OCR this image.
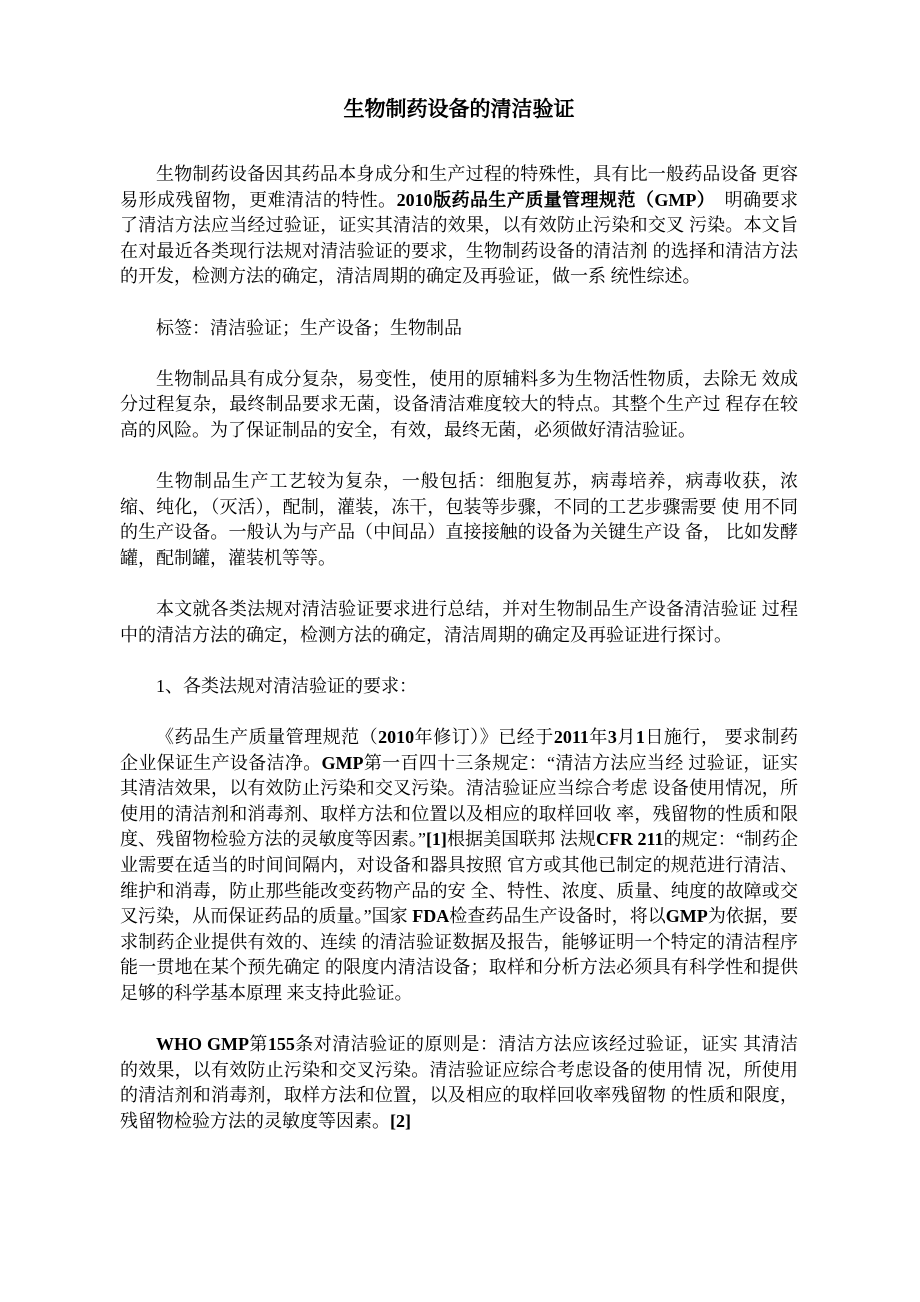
生物制药设备的清洁验证

生物制药设备因其药品本身成分和生产过程的特殊性，具有比一般药品设备 更容易形成残留物，更难清洁的特性。2010版药品生产质量管理规范（GMP）　明确要求了清洁方法应当经过验证，证实其清洁的效果，以有效防止污染和交叉 污染。本文旨在对最近各类现行法规对清洁验证的要求，生物制药设备的清洁剂 的选择和清洁方法的开发，检测方法的确定，清洁周期的确定及再验证，做一系 统性综述。

标签：清洁验证；生产设备；生物制品

生物制品具有成分复杂，易变性，使用的原辅料多为生物活性物质，去除无 效成分过程复杂，最终制品要求无菌，设备清洁难度较大的特点。其整个生产过 程存在较高的风险。为了保证制品的安全，有效，最终无菌，必须做好清洁验证。

生物制品生产工艺较为复杂，一般包括：细胞复苏，病毒培养，病毒收获，浓缩、纯化，（灭活），配制，灌装，冻干，包装等步骤，不同的工艺步骤需要 使 用不同的生产设备。一般认为与产品（中间品）直接接触的设备为关键生产设 备， 比如发酵罐，配制罐，灌装机等等。

本文就各类法规对清洁验证要求进行总结，并对生物制品生产设备清洁验证 过程中的清洁方法的确定，检测方法的确定，清洁周期的确定及再验证进行探讨。

1、各类法规对清洁验证的要求：

《药品生产质量管理规范（2010年修订）》已经于2011年3月1日施行， 要求制药企业保证生产设备洁净。GMP第一百四十三条规定：“清洁方法应当经 过验证，证实其清洁效果，以有效防止污染和交叉污染。清洁验证应当综合考虑 设备使用情况，所使用的清洁剂和消毒剂、取样方法和位置以及相应的取样回收 率，残留物的性质和限度、残留物检验方法的灵敏度等因素。”[1]根据美国联邦 法规CFR 211的规定：“制药企业需要在适当的时间间隔内，对设备和器具按照 官方或其他已制定的规范进行清洁、维护和消毒，防止那些能改变药物产品的安 全、特性、浓度、质量、纯度的故障或交叉污染，从而保证药品的质量。”国家 FDA检查药品生产设备时，将以GMP为依据，要求制药企业提供有效的、连续 的清洁验证数据及报告，能够证明一个特定的清洁程序能一贯地在某个预先确定 的限度内清洁设备；取样和分析方法必须具有科学性和提供足够的科学基本原理 来支持此验证。

WHO GMP第155条对清洁验证的原则是：清洁方法应该经过验证，证实 其清洁的效果，以有效防止污染和交叉污染。清洁验证应综合考虑设备的使用情 况，所使用的清洁剂和消毒剂，取样方法和位置，以及相应的取样回收率残留物 的性质和限度，残留物检验方法的灵敏度等因素。[2]
